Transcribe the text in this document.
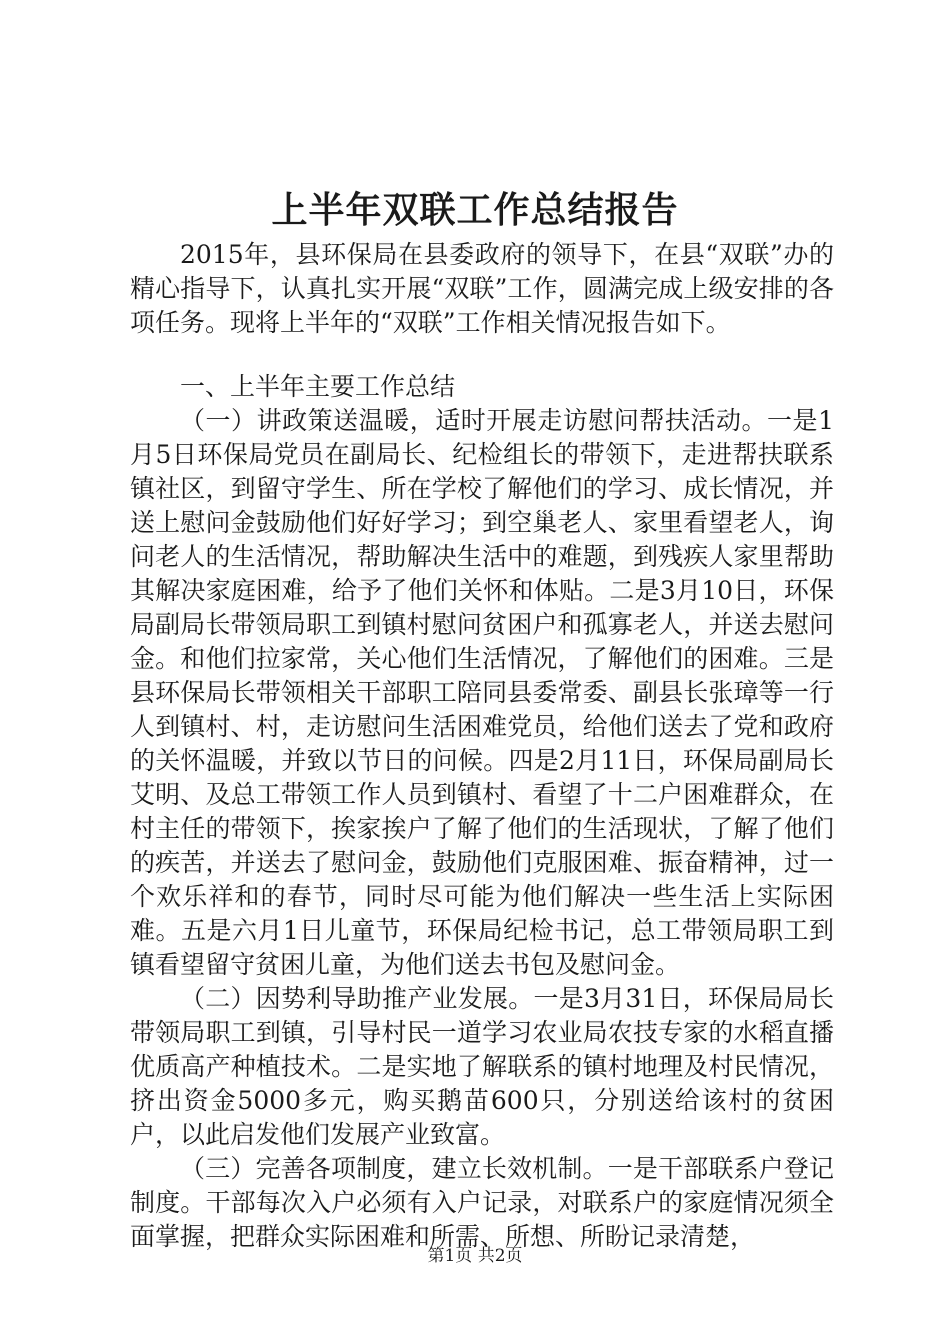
上半年双联工作总结报告

2015年，县环保局在县委政府的领导下，在县“双联”办的精心指导下，认真扎实开展“双联”工作，圆满完成上级安排的各项任务。现将上半年的“双联”工作相关情况报告如下。

一、上半年主要工作总结

（一）讲政策送温暖，适时开展走访慰问帮扶活动。一是1月5日环保局党员在副局长、纪检组长的带领下，走进帮扶联系镇社区，到留守学生、所在学校了解他们的学习、成长情况，并送上慰问金鼓励他们好好学习；到空巢老人、家里看望老人，询问老人的生活情况，帮助解决生活中的难题，到残疾人家里帮助其解决家庭困难，给予了他们关怀和体贴。二是3月10日，环保局副局长带领局职工到镇村慰问贫困户和孤寡老人，并送去慰问金。和他们拉家常，关心他们生活情况，了解他们的困难。三是县环保局长带领相关干部职工陪同县委常委、副县长张璋等一行人到镇村、村，走访慰问生活困难党员，给他们送去了党和政府的关怀温暖，并致以节日的问候。四是2月11日，环保局副局长艾明、及总工带领工作人员到镇村、看望了十二户困难群众，在村主任的带领下，挨家挨户了解了他们的生活现状，了解了他们的疾苦，并送去了慰问金，鼓励他们克服困难、振奋精神，过一个欢乐祥和的春节，同时尽可能为他们解决一些生活上实际困难。五是六月1日儿童节，环保局纪检书记，总工带领局职工到镇看望留守贫困儿童，为他们送去书包及慰问金。

（二）因势利导助推产业发展。一是3月31日，环保局局长带领局职工到镇，引导村民一道学习农业局农技专家的水稻直播优质高产种植技术。二是实地了解联系的镇村地理及村民情况，挤出资金5000多元，购买鹅苗600只，分别送给该村的贫困户，以此启发他们发展产业致富。

（三）完善各项制度，建立长效机制。一是干部联系户登记制度。干部每次入户必须有入户记录，对联系户的家庭情况须全面掌握，把群众实际困难和所需、所想、所盼记录清楚，

第1页 共2页
